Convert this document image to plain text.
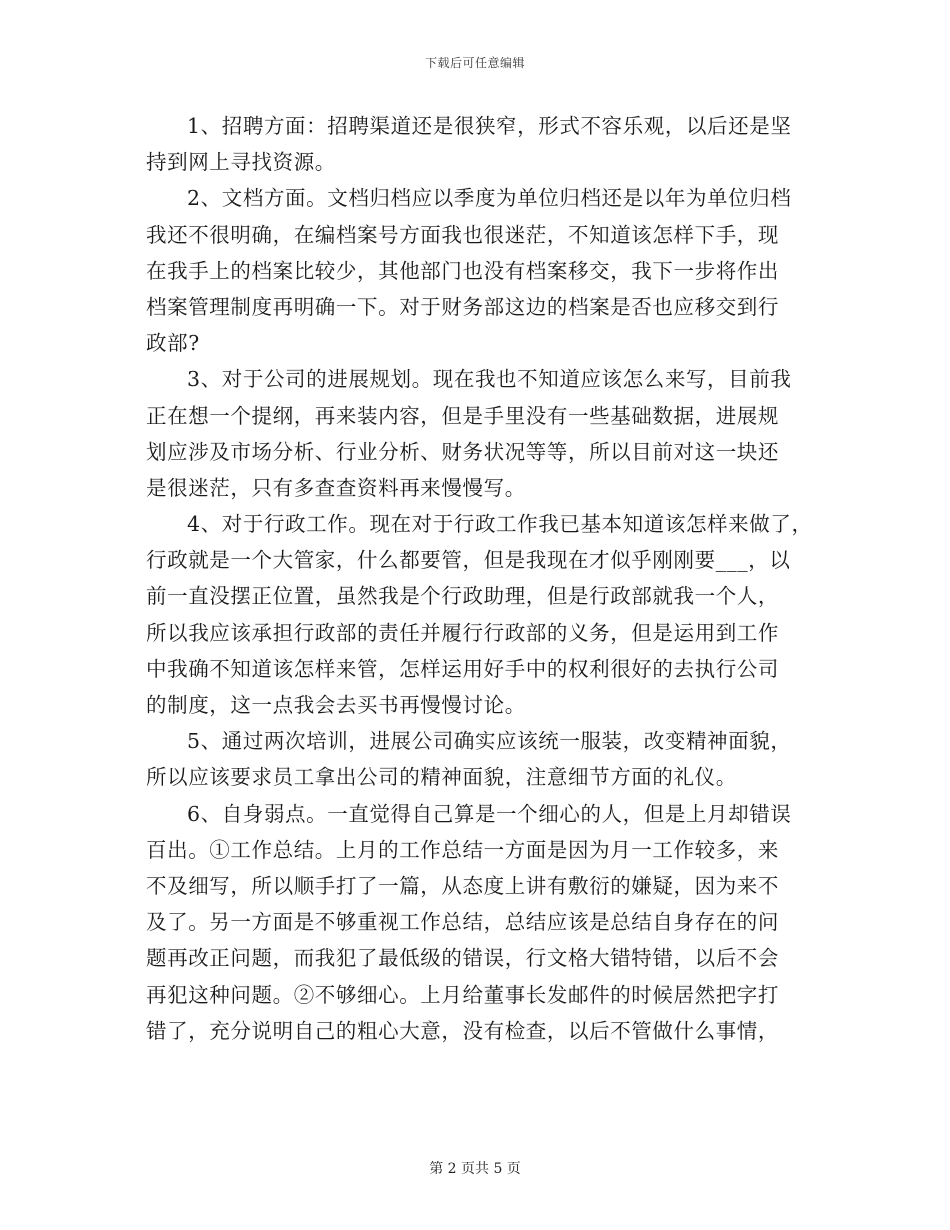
下载后可任意编辑
1、招聘方面：招聘渠道还是很狭窄，形式不容乐观，以后还是坚
持到网上寻找资源。
2、文档方面。文档归档应以季度为单位归档还是以年为单位归档
我还不很明确，在编档案号方面我也很迷茫，不知道该怎样下手，现
在我手上的档案比较少，其他部门也没有档案移交，我下一步将作出
档案管理制度再明确一下。对于财务部这边的档案是否也应移交到行
政部?
3、对于公司的进展规划。现在我也不知道应该怎么来写，目前我
正在想一个提纲，再来装内容，但是手里没有一些基础数据，进展规
划应涉及市场分析、行业分析、财务状况等等，所以目前对这一块还
是很迷茫，只有多查查资料再来慢慢写。
4、对于行政工作。现在对于行政工作我已基本知道该怎样来做了，
行政就是一个大管家，什么都要管，但是我现在才似乎刚刚要___，以
前一直没摆正位置，虽然我是个行政助理，但是行政部就我一个人，
所以我应该承担行政部的责任并履行行政部的义务，但是运用到工作
中我确不知道该怎样来管，怎样运用好手中的权利很好的去执行公司
的制度，这一点我会去买书再慢慢讨论。
5、通过两次培训，进展公司确实应该统一服装，改变精神面貌，
所以应该要求员工拿出公司的精神面貌，注意细节方面的礼仪。
6、自身弱点。一直觉得自己算是一个细心的人，但是上月却错误
百出。①工作总结。上月的工作总结一方面是因为月一工作较多，来
不及细写，所以顺手打了一篇，从态度上讲有敷衍的嫌疑，因为来不
及了。另一方面是不够重视工作总结，总结应该是总结自身存在的问
题再改正问题，而我犯了最低级的错误，行文格大错特错，以后不会
再犯这种问题。②不够细心。上月给董事长发邮件的时候居然把字打
错了，充分说明自己的粗心大意，没有检查，以后不管做什么事情，
第 2 页共 5 页
